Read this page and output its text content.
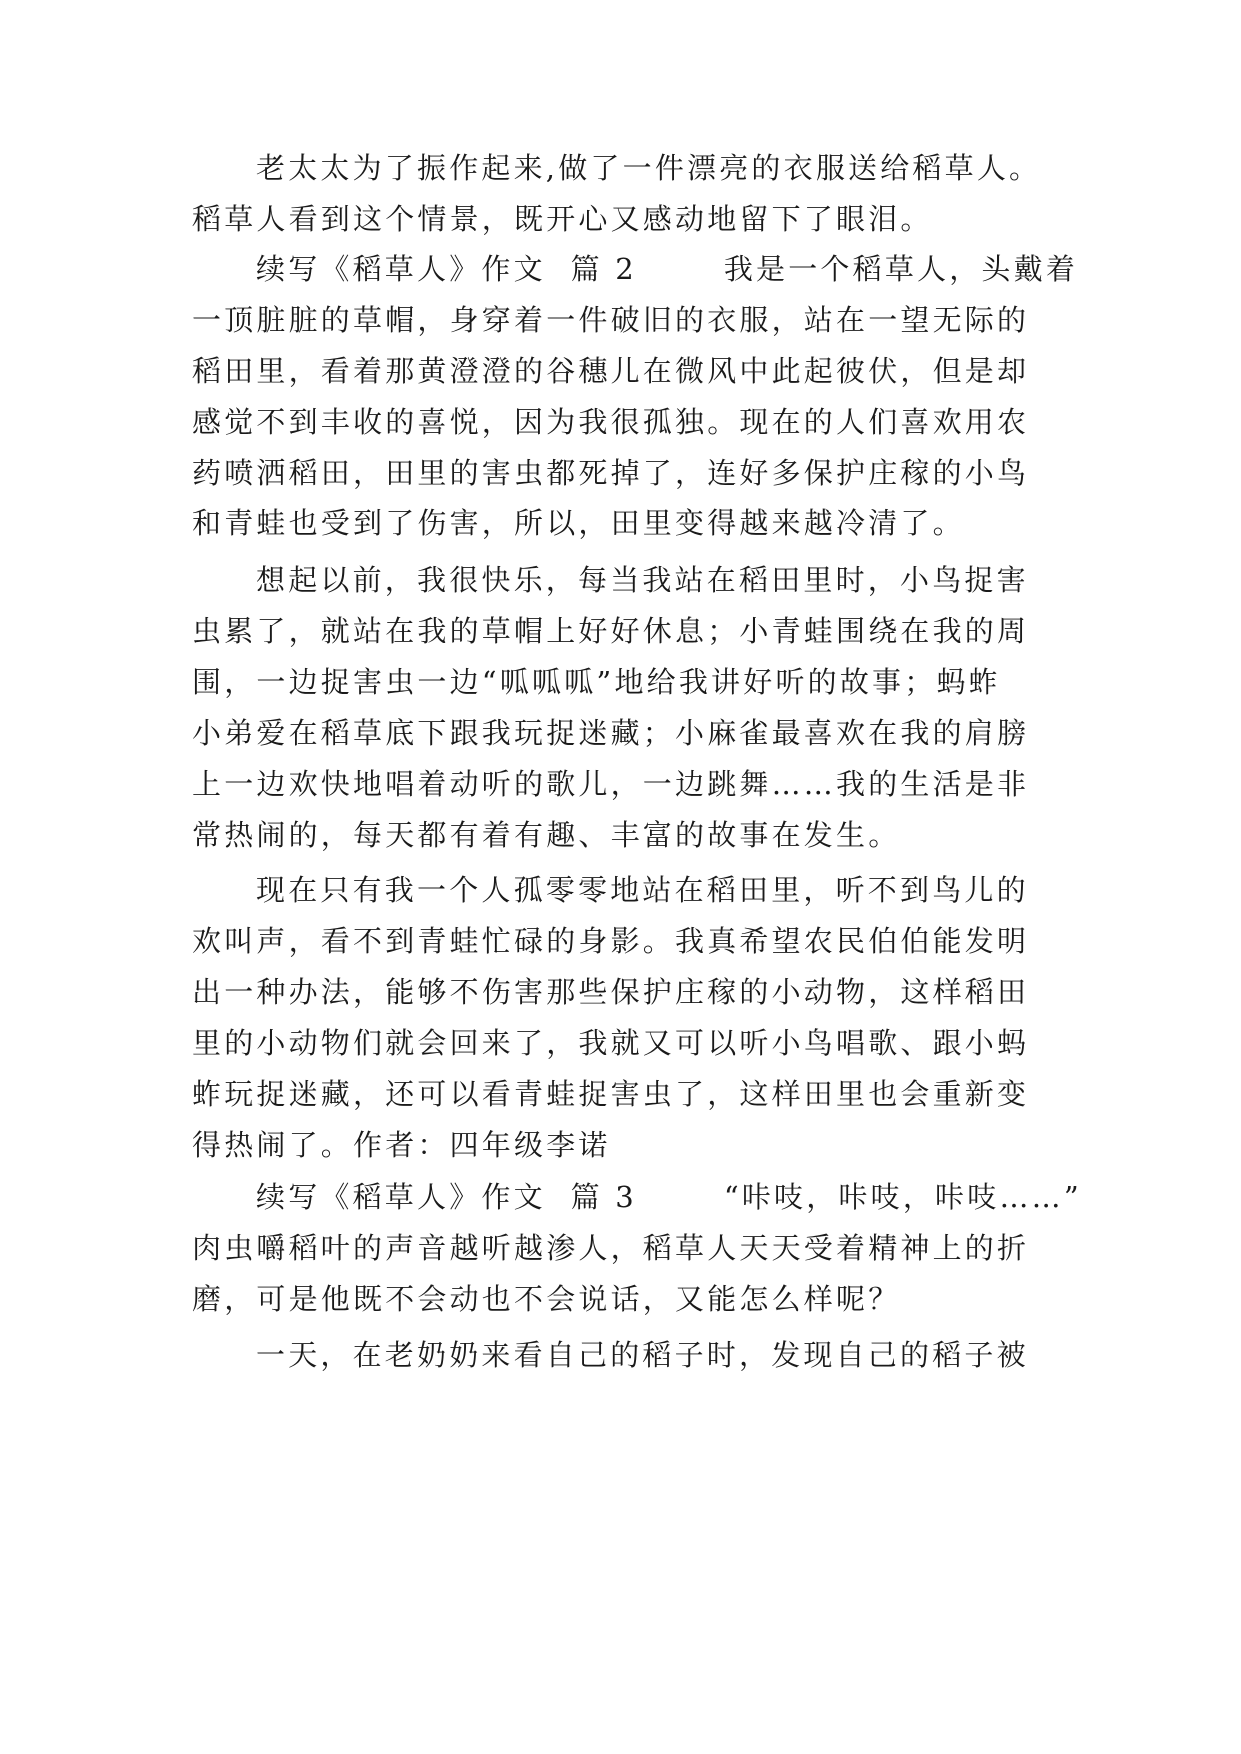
老太太为了振作起来,做了一件漂亮的衣服送给稻草人。
稻草人看到这个情景，既开心又感动地留下了眼泪。
续写《稻草人》作文  篇 2       我是一个稻草人，头戴着
一顶脏脏的草帽，身穿着一件破旧的衣服，站在一望无际的
稻田里，看着那黄澄澄的谷穗儿在微风中此起彼伏，但是却
感觉不到丰收的喜悦，因为我很孤独。现在的人们喜欢用农
药喷洒稻田，田里的害虫都死掉了，连好多保护庄稼的小鸟
和青蛙也受到了伤害，所以，田里变得越来越冷清了。
想起以前，我很快乐，每当我站在稻田里时，小鸟捉害
虫累了，就站在我的草帽上好好休息；小青蛙围绕在我的周
围，一边捉害虫一边“呱呱呱”地给我讲好听的故事；蚂蚱
小弟爱在稻草底下跟我玩捉迷藏；小麻雀最喜欢在我的肩膀
上一边欢快地唱着动听的歌儿，一边跳舞……我的生活是非
常热闹的，每天都有着有趣、丰富的故事在发生。
现在只有我一个人孤零零地站在稻田里，听不到鸟儿的
欢叫声，看不到青蛙忙碌的身影。我真希望农民伯伯能发明
出一种办法，能够不伤害那些保护庄稼的小动物，这样稻田
里的小动物们就会回来了，我就又可以听小鸟唱歌、跟小蚂
蚱玩捉迷藏，还可以看青蛙捉害虫了，这样田里也会重新变
得热闹了。作者：四年级李诺
续写《稻草人》作文  篇 3       “咔吱，咔吱，咔吱……”
肉虫嚼稻叶的声音越听越渗人，稻草人天天受着精神上的折
磨，可是他既不会动也不会说话，又能怎么样呢？
一天，在老奶奶来看自己的稻子时，发现自己的稻子被
